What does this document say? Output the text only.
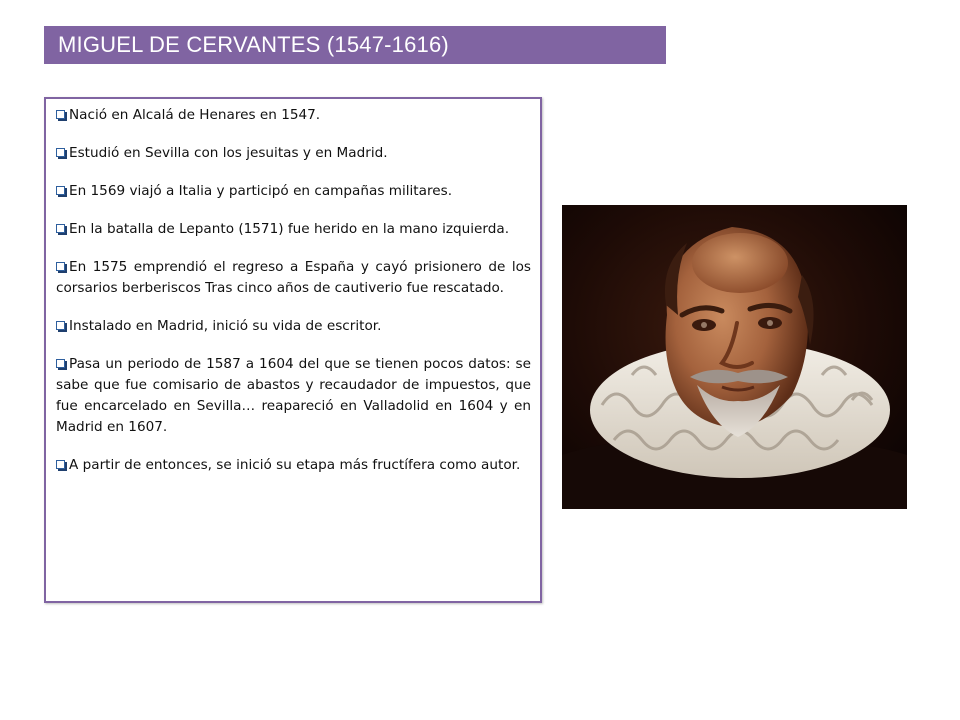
MIGUEL DE CERVANTES (1547-1616)
Nació en Alcalá de Henares en 1547.
Estudió en Sevilla con los jesuitas y en Madrid.
En 1569 viajó a Italia y participó en campañas militares.
En la batalla de Lepanto (1571) fue herido en la mano izquierda.
En 1575 emprendió el regreso a España y cayó prisionero de los corsarios berberiscos Tras cinco años de cautiverio fue rescatado.
Instalado en Madrid, inició su vida de escritor.
Pasa un periodo de 1587 a 1604 del que se tienen pocos datos: se sabe que fue comisario de abastos y recaudador de impuestos, que fue encarcelado en Sevilla… reapareció en Valladolid en 1604 y en Madrid en 1607.
A partir de entonces, se inició su etapa más fructífera como autor.
